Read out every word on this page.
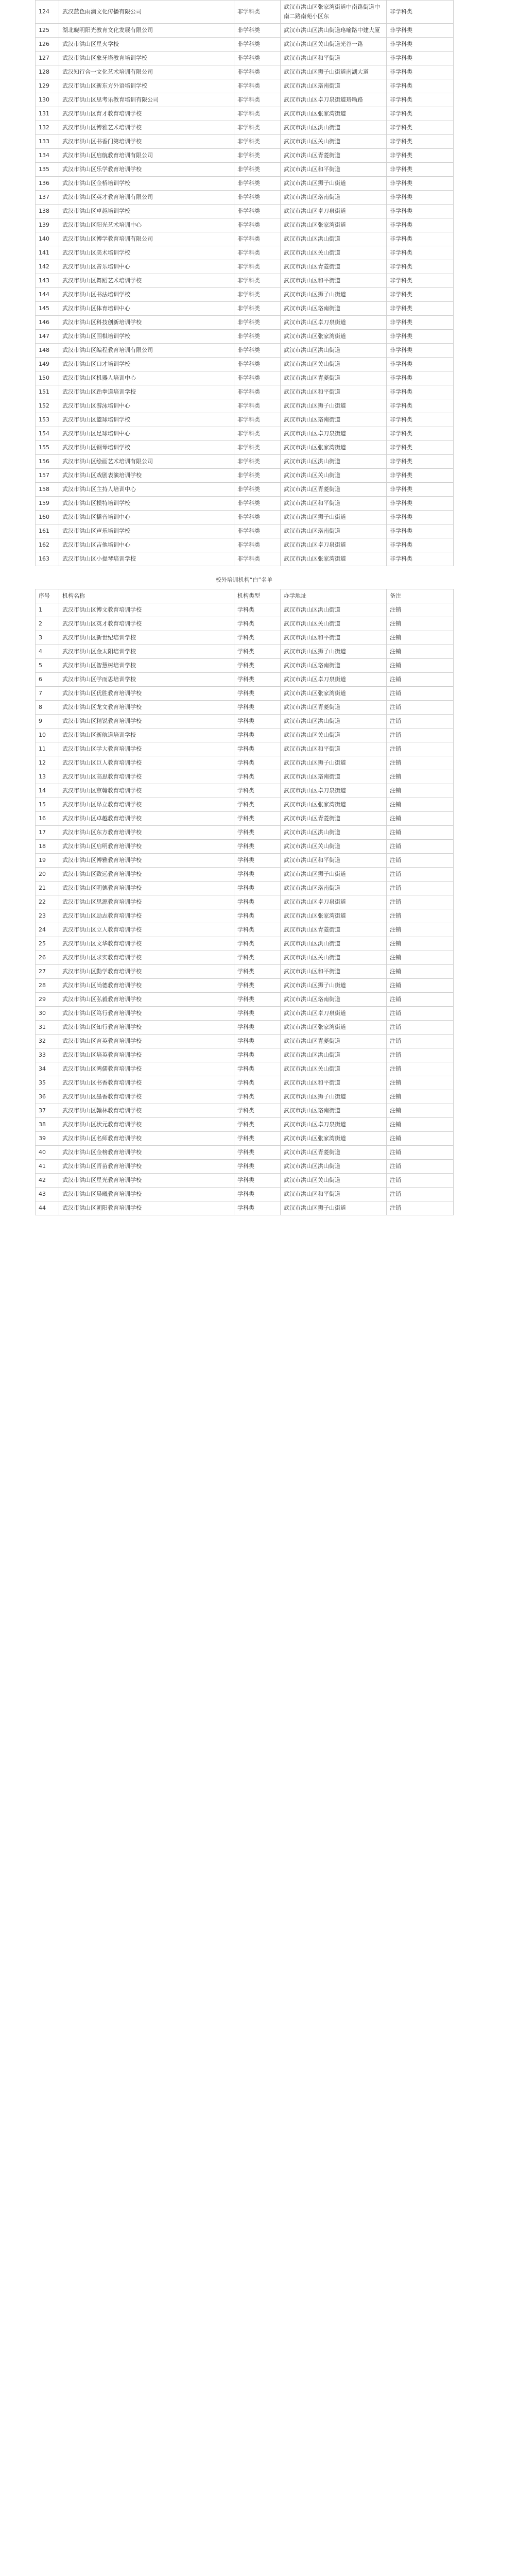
124	武汉蓝色雨滴文化传播有限公司	非学科类	武汉市洪山区张家湾街道中南路街道中南二路南苑小区东	非学科类
125	湖北晓明阳光教育文化发展有限公司	非学科类	武汉市洪山区洪山街道珞喻路中建大厦	非学科类
126	武汉市洪山区星火学校	非学科类	武汉市洪山区关山街道光谷一路	非学科类
127	武汉市洪山区象牙塔教育培训学校	非学科类	武汉市洪山区和平街道	非学科类
128	武汉知行合一文化艺术培训有限公司	非学科类	武汉市洪山区狮子山街道南湖大道	非学科类
129	武汉市洪山区新东方外语培训学校	非学科类	武汉市洪山区珞南街道	非学科类
130	武汉市洪山区思考乐教育培训有限公司	非学科类	武汉市洪山区卓刀泉街道珞喻路	非学科类
131	武汉市洪山区育才教育培训学校	非学科类	武汉市洪山区张家湾街道	非学科类
132	武汉市洪山区博雅艺术培训学校	非学科类	武汉市洪山区洪山街道	非学科类
133	武汉市洪山区书香门第培训学校	非学科类	武汉市洪山区关山街道	非学科类
134	武汉市洪山区启航教育培训有限公司	非学科类	武汉市洪山区青菱街道	非学科类
135	武汉市洪山区乐学教育培训学校	非学科类	武汉市洪山区和平街道	非学科类
136	武汉市洪山区金桥培训学校	非学科类	武汉市洪山区狮子山街道	非学科类
137	武汉市洪山区英才教育培训有限公司	非学科类	武汉市洪山区珞南街道	非学科类
138	武汉市洪山区卓越培训学校	非学科类	武汉市洪山区卓刀泉街道	非学科类
139	武汉市洪山区阳光艺术培训中心	非学科类	武汉市洪山区张家湾街道	非学科类
140	武汉市洪山区博学教育培训有限公司	非学科类	武汉市洪山区洪山街道	非学科类
141	武汉市洪山区美术培训学校	非学科类	武汉市洪山区关山街道	非学科类
142	武汉市洪山区音乐培训中心	非学科类	武汉市洪山区青菱街道	非学科类
143	武汉市洪山区舞蹈艺术培训学校	非学科类	武汉市洪山区和平街道	非学科类
144	武汉市洪山区书法培训学校	非学科类	武汉市洪山区狮子山街道	非学科类
145	武汉市洪山区体育培训中心	非学科类	武汉市洪山区珞南街道	非学科类
146	武汉市洪山区科技创新培训学校	非学科类	武汉市洪山区卓刀泉街道	非学科类
147	武汉市洪山区围棋培训学校	非学科类	武汉市洪山区张家湾街道	非学科类
148	武汉市洪山区编程教育培训有限公司	非学科类	武汉市洪山区洪山街道	非学科类
149	武汉市洪山区口才培训学校	非学科类	武汉市洪山区关山街道	非学科类
150	武汉市洪山区机器人培训中心	非学科类	武汉市洪山区青菱街道	非学科类
151	武汉市洪山区跆拳道培训学校	非学科类	武汉市洪山区和平街道	非学科类
152	武汉市洪山区游泳培训中心	非学科类	武汉市洪山区狮子山街道	非学科类
153	武汉市洪山区篮球培训学校	非学科类	武汉市洪山区珞南街道	非学科类
154	武汉市洪山区足球培训中心	非学科类	武汉市洪山区卓刀泉街道	非学科类
155	武汉市洪山区钢琴培训学校	非学科类	武汉市洪山区张家湾街道	非学科类
156	武汉市洪山区绘画艺术培训有限公司	非学科类	武汉市洪山区洪山街道	非学科类
157	武汉市洪山区戏剧表演培训学校	非学科类	武汉市洪山区关山街道	非学科类
158	武汉市洪山区主持人培训中心	非学科类	武汉市洪山区青菱街道	非学科类
159	武汉市洪山区模特培训学校	非学科类	武汉市洪山区和平街道	非学科类
160	武汉市洪山区播音培训中心	非学科类	武汉市洪山区狮子山街道	非学科类
161	武汉市洪山区声乐培训学校	非学科类	武汉市洪山区珞南街道	非学科类
162	武汉市洪山区吉他培训中心	非学科类	武汉市洪山区卓刀泉街道	非学科类
163	武汉市洪山区小提琴培训学校	非学科类	武汉市洪山区张家湾街道	非学科类
校外培训机构“白”名单
序号	机构名称	机构类型	办学地址	备注
1	武汉市洪山区博文教育培训学校	学科类	武汉市洪山区洪山街道	注销
2	武汉市洪山区英才教育培训学校	学科类	武汉市洪山区关山街道	注销
3	武汉市洪山区新世纪培训学校	学科类	武汉市洪山区和平街道	注销
4	武汉市洪山区金太阳培训学校	学科类	武汉市洪山区狮子山街道	注销
5	武汉市洪山区智慧树培训学校	学科类	武汉市洪山区珞南街道	注销
6	武汉市洪山区学而思培训学校	学科类	武汉市洪山区卓刀泉街道	注销
7	武汉市洪山区优胜教育培训学校	学科类	武汉市洪山区张家湾街道	注销
8	武汉市洪山区龙文教育培训学校	学科类	武汉市洪山区青菱街道	注销
9	武汉市洪山区精锐教育培训学校	学科类	武汉市洪山区洪山街道	注销
10	武汉市洪山区新航道培训学校	学科类	武汉市洪山区关山街道	注销
11	武汉市洪山区学大教育培训学校	学科类	武汉市洪山区和平街道	注销
12	武汉市洪山区巨人教育培训学校	学科类	武汉市洪山区狮子山街道	注销
13	武汉市洪山区高思教育培训学校	学科类	武汉市洪山区珞南街道	注销
14	武汉市洪山区京翰教育培训学校	学科类	武汉市洪山区卓刀泉街道	注销
15	武汉市洪山区昂立教育培训学校	学科类	武汉市洪山区张家湾街道	注销
16	武汉市洪山区卓越教育培训学校	学科类	武汉市洪山区青菱街道	注销
17	武汉市洪山区东方教育培训学校	学科类	武汉市洪山区洪山街道	注销
18	武汉市洪山区启明教育培训学校	学科类	武汉市洪山区关山街道	注销
19	武汉市洪山区博雅教育培训学校	学科类	武汉市洪山区和平街道	注销
20	武汉市洪山区致远教育培训学校	学科类	武汉市洪山区狮子山街道	注销
21	武汉市洪山区明德教育培训学校	学科类	武汉市洪山区珞南街道	注销
22	武汉市洪山区思源教育培训学校	学科类	武汉市洪山区卓刀泉街道	注销
23	武汉市洪山区励志教育培训学校	学科类	武汉市洪山区张家湾街道	注销
24	武汉市洪山区立人教育培训学校	学科类	武汉市洪山区青菱街道	注销
25	武汉市洪山区文华教育培训学校	学科类	武汉市洪山区洪山街道	注销
26	武汉市洪山区求实教育培训学校	学科类	武汉市洪山区关山街道	注销
27	武汉市洪山区勤学教育培训学校	学科类	武汉市洪山区和平街道	注销
28	武汉市洪山区尚德教育培训学校	学科类	武汉市洪山区狮子山街道	注销
29	武汉市洪山区弘毅教育培训学校	学科类	武汉市洪山区珞南街道	注销
30	武汉市洪山区笃行教育培训学校	学科类	武汉市洪山区卓刀泉街道	注销
31	武汉市洪山区知行教育培训学校	学科类	武汉市洪山区张家湾街道	注销
32	武汉市洪山区育英教育培训学校	学科类	武汉市洪山区青菱街道	注销
33	武汉市洪山区培英教育培训学校	学科类	武汉市洪山区洪山街道	注销
34	武汉市洪山区鸿儒教育培训学校	学科类	武汉市洪山区关山街道	注销
35	武汉市洪山区书香教育培训学校	学科类	武汉市洪山区和平街道	注销
36	武汉市洪山区墨香教育培训学校	学科类	武汉市洪山区狮子山街道	注销
37	武汉市洪山区翰林教育培训学校	学科类	武汉市洪山区珞南街道	注销
38	武汉市洪山区状元教育培训学校	学科类	武汉市洪山区卓刀泉街道	注销
39	武汉市洪山区名师教育培训学校	学科类	武汉市洪山区张家湾街道	注销
40	武汉市洪山区金榜教育培训学校	学科类	武汉市洪山区青菱街道	注销
41	武汉市洪山区青苗教育培训学校	学科类	武汉市洪山区洪山街道	注销
42	武汉市洪山区星光教育培训学校	学科类	武汉市洪山区关山街道	注销
43	武汉市洪山区晨曦教育培训学校	学科类	武汉市洪山区和平街道	注销
44	武汉市洪山区朝阳教育培训学校	学科类	武汉市洪山区狮子山街道	注销
